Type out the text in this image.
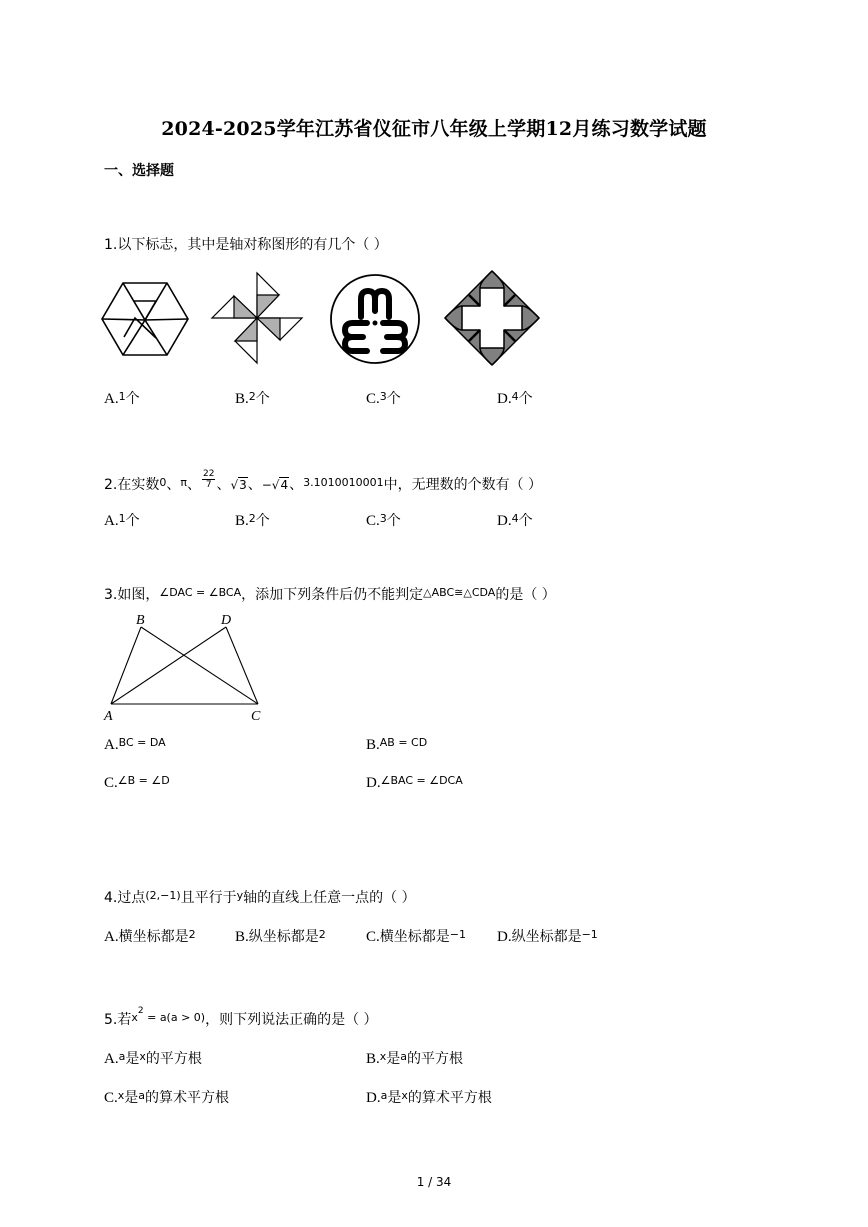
2024-2025学年江苏省仪征市八年级上学期12月练习数学试题
一、选择题
1.以下标志，其中是轴对称图形的有几个（ ）
A.$^1$个	B.$^2$个	C.$^3$个	D.$^4$个
2.在实数$^0$、$^\pi$、 $\frac{22}{7}$ 、√3、−√4、$^{3.1010010001}$中，无理数的个数有（ ）
A.$^1$个	B.$^2$个	C.$^3$个	D.$^4$个
3.如图，$^{\angle DAC = \angle BCA}$，添加下列条件后仍不能判定$^{\triangle ABC≅\triangle CDA}$的是（ ）
B	D
A	C
A.$^{BC = DA}$	B.$^{AB = CD}$
C.$^{\angle B = \angle D}$	D.$^{\angle BAC = \angle DCA}$
4.过点$^{(2,-1)}$且平行于$^y$轴的直线上任意一点的（ ）
A.横坐标都是$^2$	B.纵坐标都是$^2$	C.横坐标都是$^{-1}$ D.纵坐标都是$^{-1}$
5.若$^{x2}$ $^{= a(a > 0)}$，则下列说法正确的是（ ）
A.$^a$是$^x$的平方根	B.$^x$是$^a$的平方根
C.$^x$是$^a$的算术平方根	D.$^a$是$^x$的算术平方根
1 / 34
